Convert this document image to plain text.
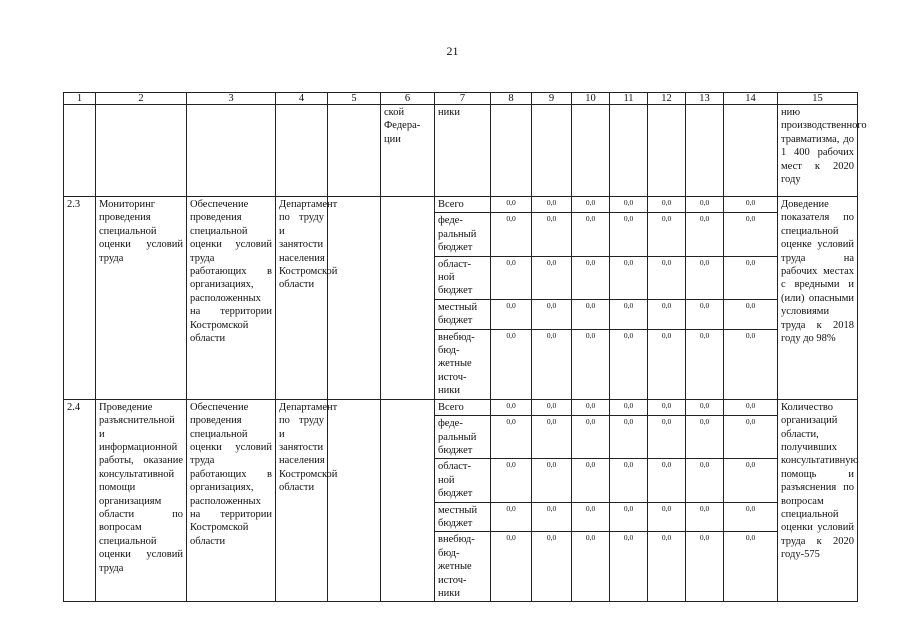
21
1	2	3	4	5	6	7	8	9	10	11	12	13	14	15
					ской Федера-ции	ники								нию производственного травматизма, до 1 400 рабочих мест к 2020 году
2.3	Мониторинг проведения специальной оценки условий труда	Обеспечение проведения специальной оценки условий труда работающих в организациях, расположенных на территории Костромской области	Департамент по труду и занятости населения Костромской области			Всего	0,0	0,0	0,0	0,0	0,0	0,0	0,0	Доведение показателя по специальной оценке условий труда на рабочих местах с вредными и (или) опасными условиями труда к 2018 году до 98%
						феде-ральный бюджет	0,0	0,0	0,0	0,0	0,0	0,0	0,0	
						област-ной бюджет	0,0	0,0	0,0	0,0	0,0	0,0	0,0	
						местный бюджет	0,0	0,0	0,0	0,0	0,0	0,0	0,0	
						внебюд-бюд-жетные источ-ники	0,0	0,0	0,0	0,0	0,0	0,0	0,0	
2.4	Проведение разъяснительной и информационной работы, оказание консультативной помощи организациям области по вопросам специальной оценки условий труда	Обеспечение проведения специальной оценки условий труда работающих в организациях, расположенных на территории Костромской области	Департамент по труду и занятости населения Костромской области			Всего	0,0	0,0	0,0	0,0	0,0	0,0	0,0	Количество организаций области, получивших консультативную помощь и разъяснения по вопросам специальной оценки условий труда к 2020 году-575
						феде-ральный бюджет	0,0	0,0	0,0	0,0	0,0	0,0	0,0	
						област-ной бюджет	0,0	0,0	0,0	0,0	0,0	0,0	0,0	
						местный бюджет	0,0	0,0	0,0	0,0	0,0	0,0	0,0	
						внебюд-бюд-жетные источ-ники	0,0	0,0	0,0	0,0	0,0	0,0	0,0	
